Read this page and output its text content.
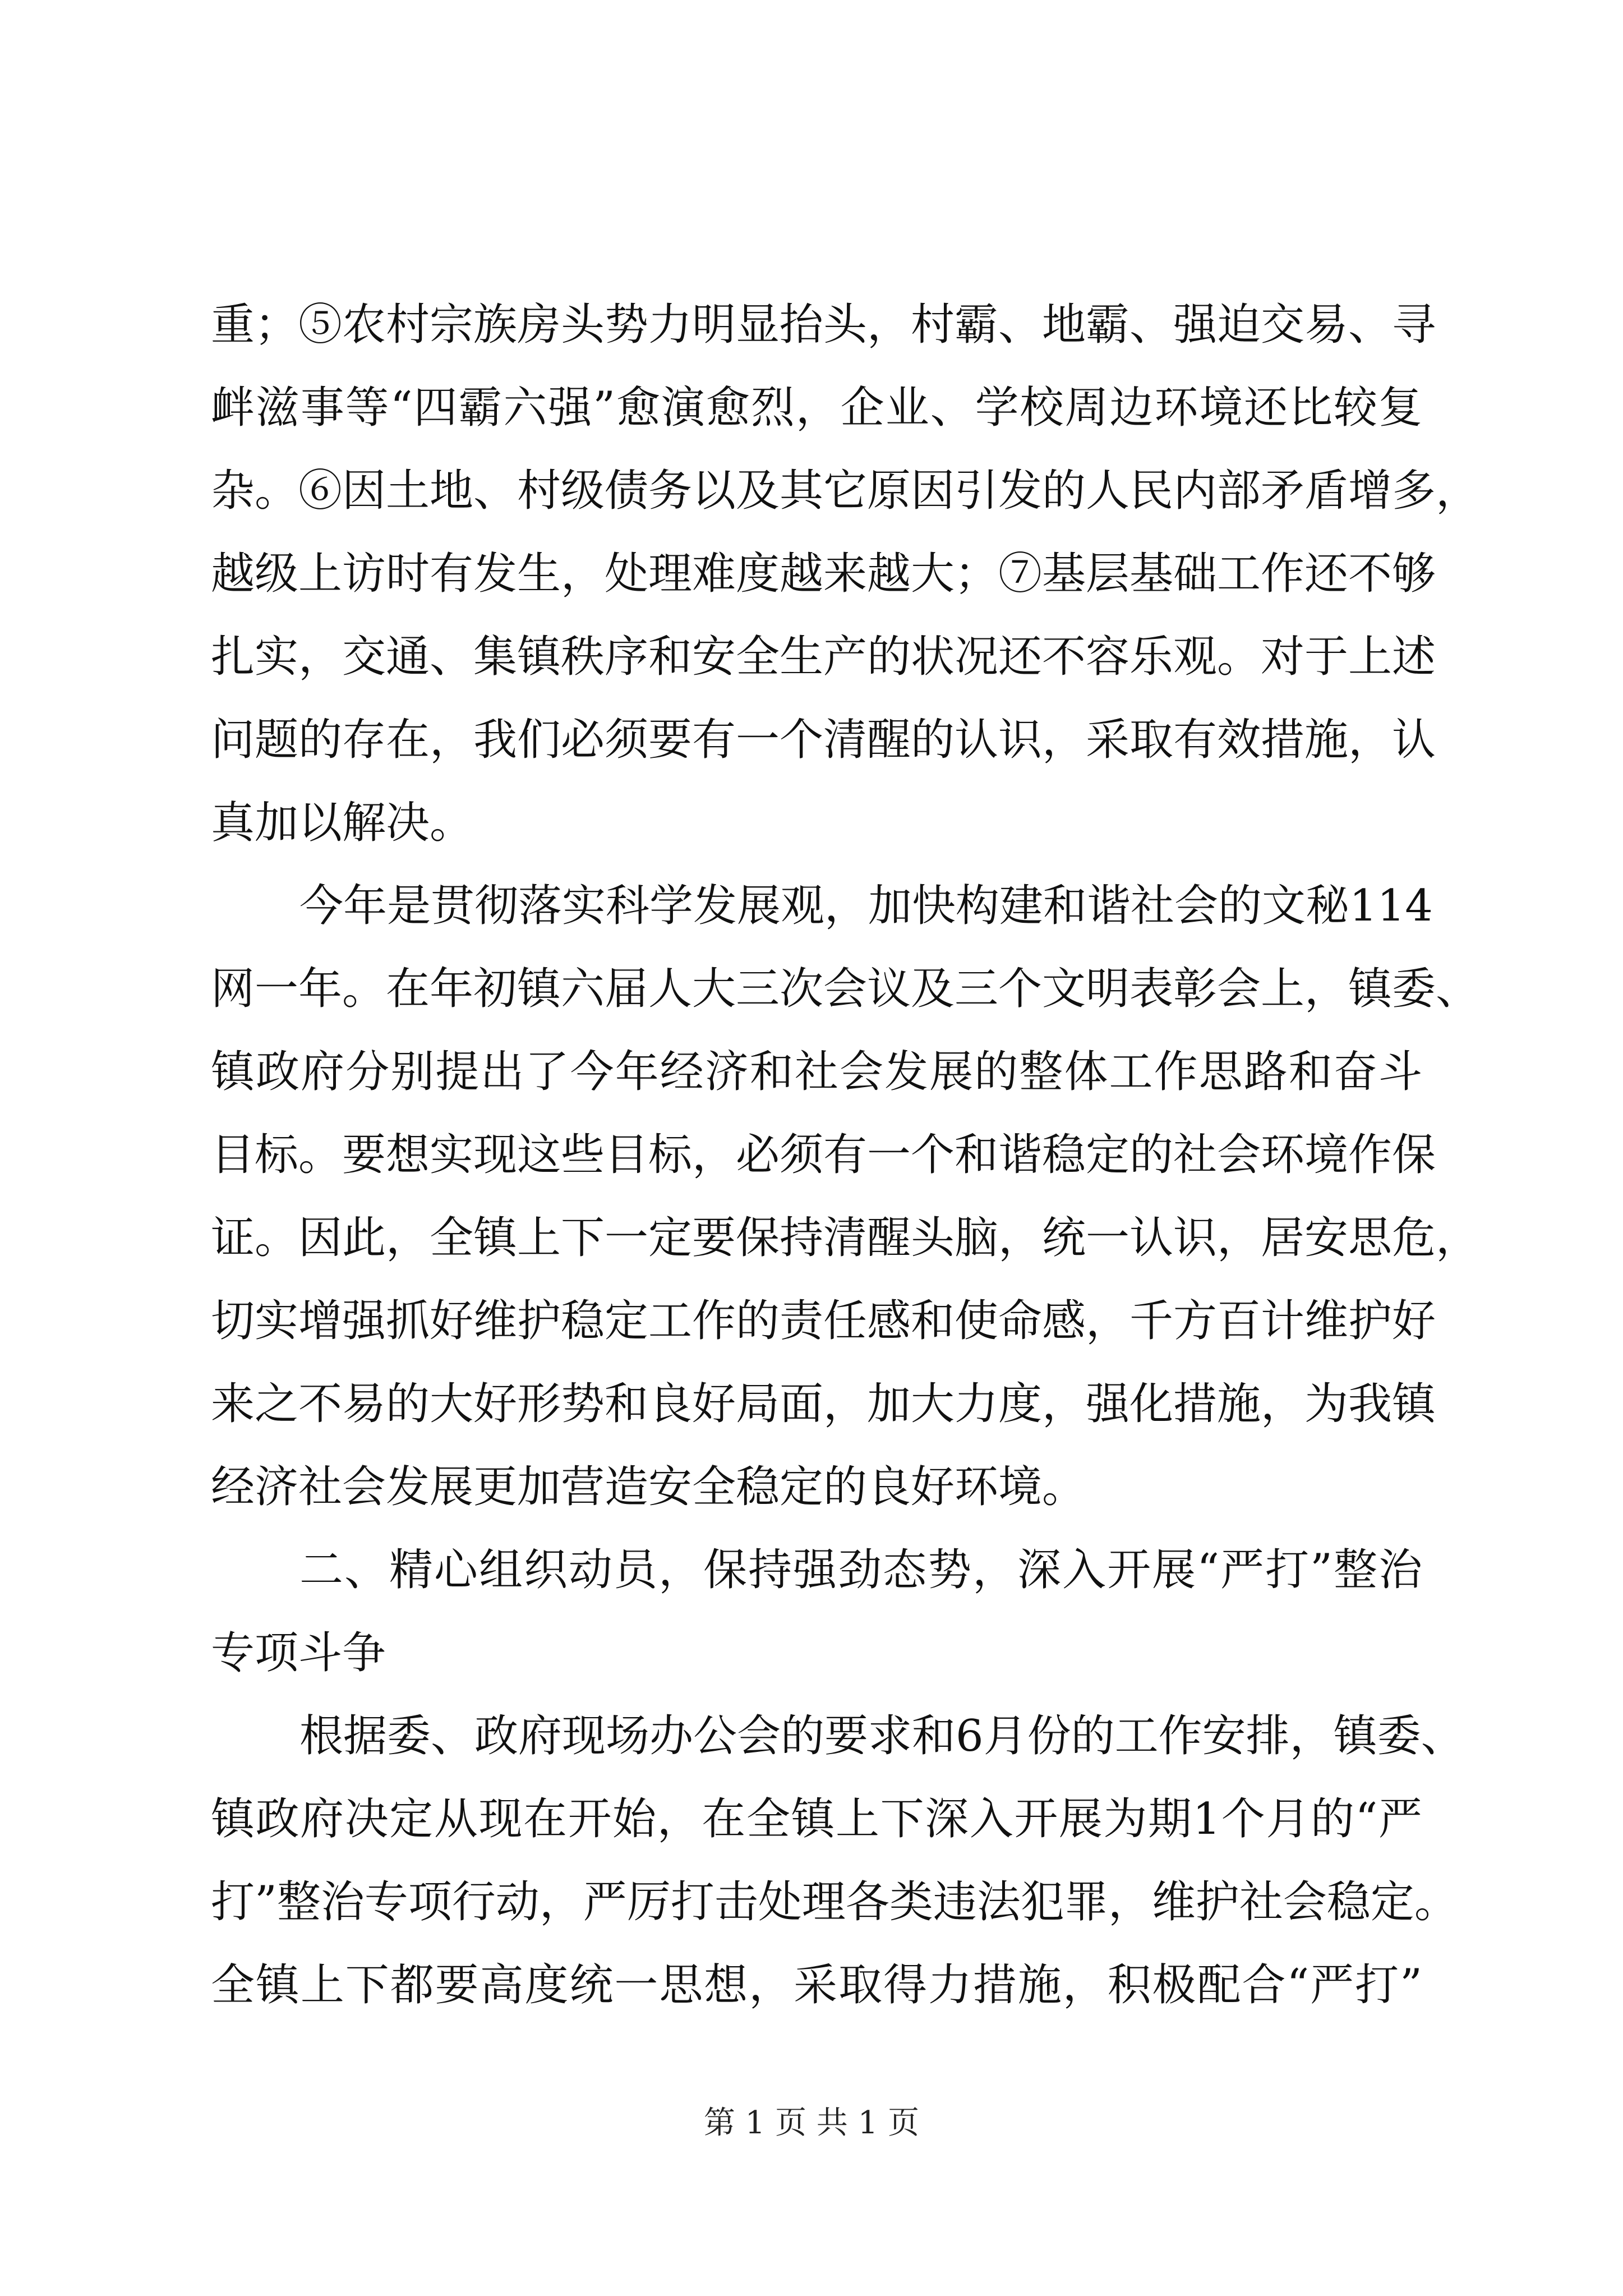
重；⑤农村宗族房头势力明显抬头，村霸、地霸、强迫交易、寻
衅滋事等“四霸六强”愈演愈烈，企业、学校周边环境还比较复
杂。⑥因土地、村级债务以及其它原因引发的人民内部矛盾增多，
越级上访时有发生，处理难度越来越大；⑦基层基础工作还不够
扎实，交通、集镇秩序和安全生产的状况还不容乐观。对于上述
问题的存在，我们必须要有一个清醒的认识，采取有效措施，认
真加以解决。
今年是贯彻落实科学发展观，加快构建和谐社会的文秘114
网一年。在年初镇六届人大三次会议及三个文明表彰会上，镇委、
镇政府分别提出了今年经济和社会发展的整体工作思路和奋斗
目标。要想实现这些目标，必须有一个和谐稳定的社会环境作保
证。因此，全镇上下一定要保持清醒头脑，统一认识，居安思危，
切实增强抓好维护稳定工作的责任感和使命感，千方百计维护好
来之不易的大好形势和良好局面，加大力度，强化措施，为我镇
经济社会发展更加营造安全稳定的良好环境。
二、精心组织动员，保持强劲态势，深入开展“严打”整治
专项斗争
根据委、政府现场办公会的要求和6月份的工作安排，镇委、
镇政府决定从现在开始，在全镇上下深入开展为期1个月的“严
打”整治专项行动，严厉打击处理各类违法犯罪，维护社会稳定。
全镇上下都要高度统一思想，采取得力措施，积极配合“严打”
第 1 页 共 1 页
